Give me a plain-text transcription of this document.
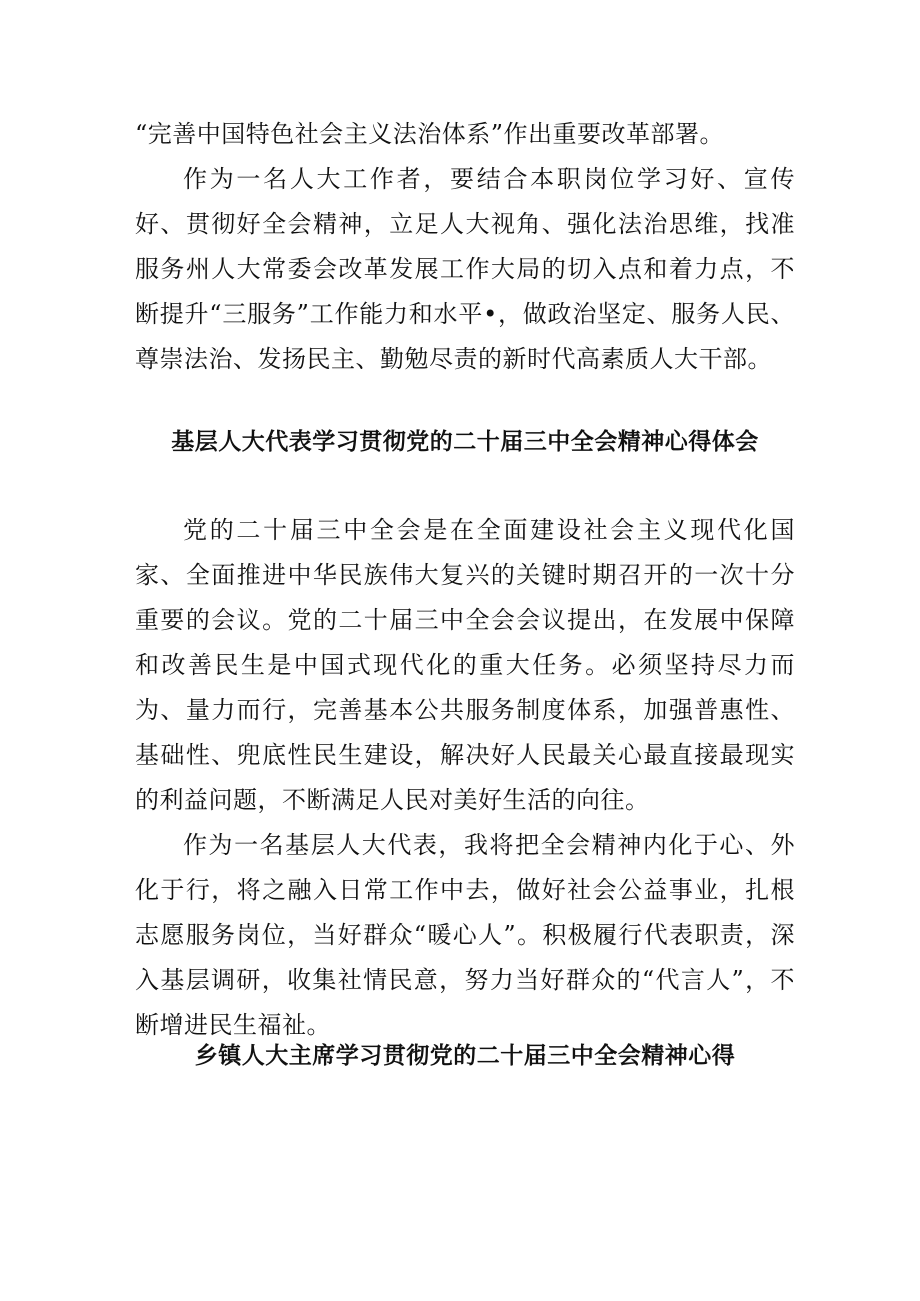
“完善中国特色社会主义法治体系”作出重要改革部署。

作为一名人大工作者，要结合本职岗位学习好、宣传好、贯彻好全会精神，立足人大视角、强化法治思维，找准服务州人大常委会改革发展工作大局的切入点和着力点，不断提升“三服务”工作能力和水平•，做政治坚定、服务人民、尊崇法治、发扬民主、勤勉尽责的新时代高素质人大干部。

基层人大代表学习贯彻党的二十届三中全会精神心得体会

党的二十届三中全会是在全面建设社会主义现代化国家、全面推进中华民族伟大复兴的关键时期召开的一次十分重要的会议。党的二十届三中全会会议提出，在发展中保障和改善民生是中国式现代化的重大任务。必须坚持尽力而为、量力而行，完善基本公共服务制度体系，加强普惠性、基础性、兜底性民生建设，解决好人民最关心最直接最现实的利益问题，不断满足人民对美好生活的向往。

作为一名基层人大代表，我将把全会精神内化于心、外化于行，将之融入日常工作中去，做好社会公益事业，扎根志愿服务岗位，当好群众“暖心人”。积极履行代表职责，深入基层调研，收集社情民意，努力当好群众的“代言人”，不断增进民生福祉。

乡镇人大主席学习贯彻党的二十届三中全会精神心得
